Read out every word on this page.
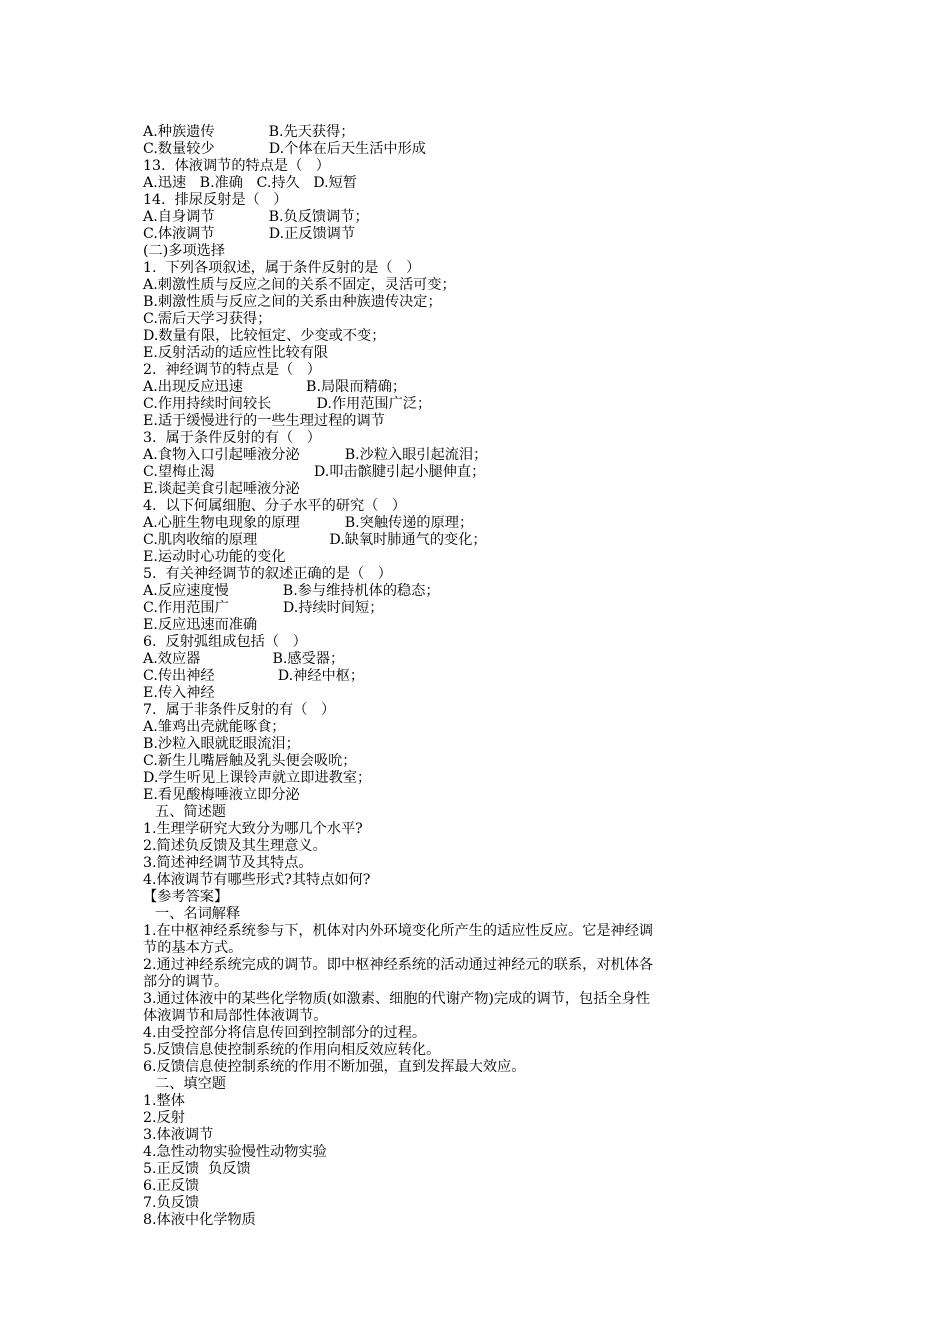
A.种族遗传            B.先天获得；
C.数量较少            D.个体在后天生活中形成
13.  体液调节的特点是（   ）
A.迅速   B.准确   C.持久   D.短暂
14.  排尿反射是（   ）
A.自身调节            B.负反馈调节；
C.体液调节            D.正反馈调节
(二)多项选择
1.  下列各项叙述，属于条件反射的是（   ）
A.刺激性质与反应之间的关系不固定，灵活可变；
B.刺激性质与反应之间的关系由种族遗传决定；
C.需后天学习获得；
D.数量有限，比较恒定、少变或不变；
E.反射活动的适应性比较有限
2.  神经调节的特点是（   ）
A.出现反应迅速              B.局限而精确；
C.作用持续时间较长          D.作用范围广泛；
E.适于缓慢进行的一些生理过程的调节
3.  属于条件反射的有（   ）
A.食物入口引起唾液分泌          B.沙粒入眼引起流泪；
C.望梅止渴                      D.叩击髌腱引起小腿伸直；
E.谈起美食引起唾液分泌
4.  以下何属细胞、分子水平的研究（   ）
A.心脏生物电现象的原理          B.突触传递的原理；
C.肌肉收缩的原理                D.缺氧时肺通气的变化；
E.运动时心功能的变化
5.  有关神经调节的叙述正确的是（   ）
A.反应速度慢            B.参与维持机体的稳态；
C.作用范围广            D.持续时间短；
E.反应迅速而准确
6.  反射弧组成包括（   ）
A.效应器                B.感受器；
C.传出神经              D.神经中枢；
E.传入神经
7.  属于非条件反射的有（   ）
A.雏鸡出壳就能啄食；
B.沙粒入眼就眨眼流泪；
C.新生儿嘴唇触及乳头便会吸吮；
D.学生听见上课铃声就立即进教室；
E.看见酸梅唾液立即分泌
五、简述题
1.生理学研究大致分为哪几个水平?
2.简述负反馈及其生理意义。
3.简述神经调节及其特点。
4.体液调节有哪些形式?其特点如何?
【参考答案】
一、名词解释
1.在中枢神经系统参与下，机体对内外环境变化所产生的适应性反应。它是神经调
节的基本方式。
2.通过神经系统完成的调节。即中枢神经系统的活动通过神经元的联系，对机体各
部分的调节。
3.通过体液中的某些化学物质(如激素、细胞的代谢产物)完成的调节，包括全身性
体液调节和局部性体液调节。
4.由受控部分将信息传回到控制部分的过程。
5.反馈信息使控制系统的作用向相反效应转化。
6.反馈信息使控制系统的作用不断加强，直到发挥最大效应。
二、填空题
1.整体
2.反射
3.体液调节
4.急性动物实验慢性动物实验
5.正反馈  负反馈
6.正反馈
7.负反馈
8.体液中化学物质
